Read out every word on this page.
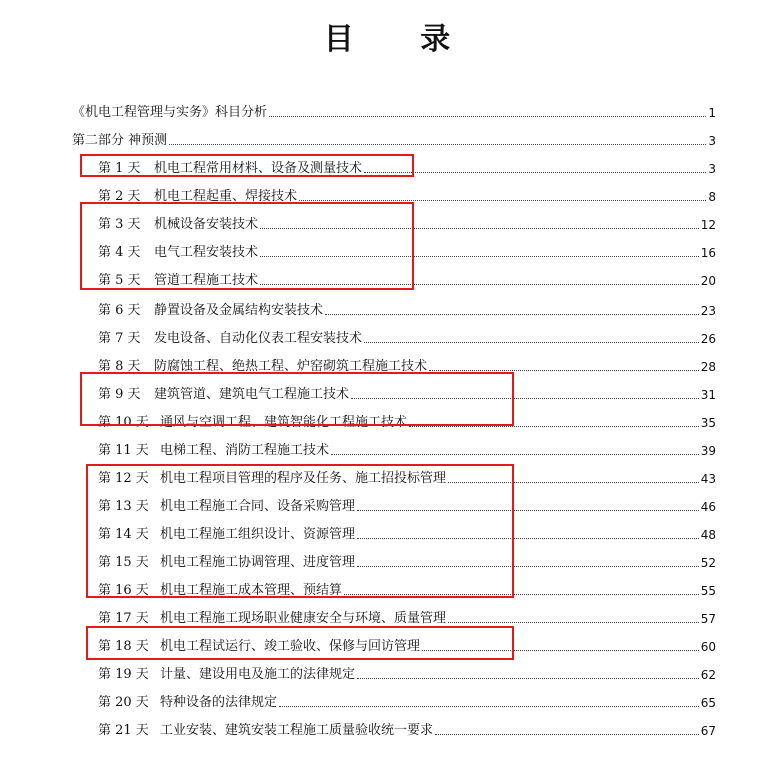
目 录
《机电工程管理与实务》科目分析	1
第二部分 神预测	3
第 1 天 机电工程常用材料、设备及测量技术	3
第 2 天 机电工程起重、焊接技术	8
第 3 天 机械设备安装技术	12
第 4 天 电气工程安装技术	16
第 5 天 管道工程施工技术	20
第 6 天 静置设备及金属结构安装技术	23
第 7 天 发电设备、自动化仪表工程安装技术	26
第 8 天 防腐蚀工程、绝热工程、炉窑砌筑工程施工技术	28
第 9 天 建筑管道、建筑电气工程施工技术	31
第 10 天 通风与空调工程、建筑智能化工程施工技术	35
第 11 天 电梯工程、消防工程施工技术	39
第 12 天 机电工程项目管理的程序及任务、施工招投标管理	43
第 13 天 机电工程施工合同、设备采购管理	46
第 14 天 机电工程施工组织设计、资源管理	48
第 15 天 机电工程施工协调管理、进度管理	52
第 16 天 机电工程施工成本管理、预结算	55
第 17 天 机电工程施工现场职业健康安全与环境、质量管理	57
第 18 天 机电工程试运行、竣工验收、保修与回访管理	60
第 19 天 计量、建设用电及施工的法律规定	62
第 20 天 特种设备的法律规定	65
第 21 天 工业安装、建筑安装工程施工质量验收统一要求	67
